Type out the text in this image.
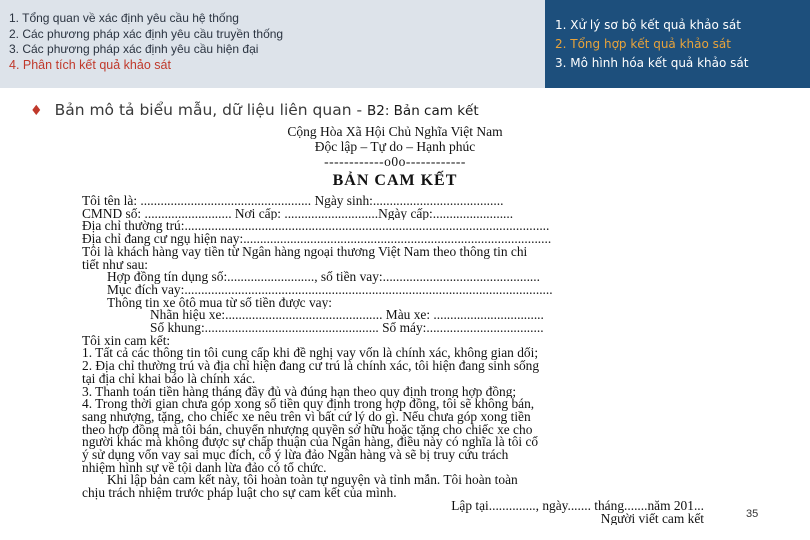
1. Tổng quan về xác định yêu cầu hệ thống
2. Các phương pháp xác định yêu cầu truyền thống
3. Các phương pháp xác định yêu cầu hiện đại
4. Phân tích kết quả khảo sát
1. Xử lý sơ bộ kết quả khảo sát
2. Tổng hợp kết quả khảo sát
3. Mô hình hóa kết quả khảo sát
♦ Bản mô tả biểu mẫu, dữ liệu liên quan - B2: Bản cam kết
Cộng Hòa Xã Hội Chủ Nghĩa Việt Nam
Độc lập – Tự do – Hạnh phúc
------------o0o------------
BẢN CAM KẾT
Tôi tên là: ................................................... Ngày sinh:.......................................
CMND số: .......................... Nơi cấp: ............................Ngày cấp:........................
Địa chỉ thường trú:.............................................................................................................
Địa chỉ đang cư ngụ hiện nay:............................................................................................
Tôi là khách hàng vay tiền từ Ngân hàng ngoại thương Việt Nam theo thông tin chi
tiết như sau:
Hợp đồng tín dụng số:.........................., số tiền vay:...............................................
Mục đích vay:..............................................................................................................
Thông tin xe ôtô mua từ số tiền được vay:
Nhãn hiệu xe:............................................... Màu xe: .................................
Số khung:.................................................... Số máy:...................................
Tôi xin cam kết:
1. Tất cả các thông tin tôi cung cấp khi đề nghị vay vốn là chính xác, không gian dối;
2. Địa chỉ thường trú và địa chỉ hiện đang cư trú là chính xác, tôi hiện đang sinh sống
tại địa chỉ khai báo là chính xác.
3. Thanh toán tiền hàng tháng đầy đủ và đúng hạn theo quy định trong hợp đồng;
4. Trong thời gian chưa góp xong số tiền quy định trong hợp đồng, tôi sẽ không bán,
sang nhượng, tặng, cho chiếc xe nêu trên vì bất cứ lý do gì. Nếu chưa góp xong tiền
theo hợp đồng mà tôi bán, chuyển nhượng quyền sở hữu hoặc tặng cho chiếc xe cho
người khác mà không được sự chấp thuận của Ngân hàng, điều này có nghĩa là tôi cố
ý sử dụng vốn vay sai mục đích, cố ý lừa đảo Ngân hàng và sẽ bị truy cứu trách
nhiệm hình sự về tội danh lừa đảo có tổ chức.
Khi lập bản cam kết này, tôi hoàn toàn tự nguyện và tỉnh mẫn. Tôi hoàn toàn
chịu trách nhiệm trước pháp luật cho sự cam kết của mình.
Lập tại.............., ngày....... tháng.......năm 201...
Người viết cam kết	35
